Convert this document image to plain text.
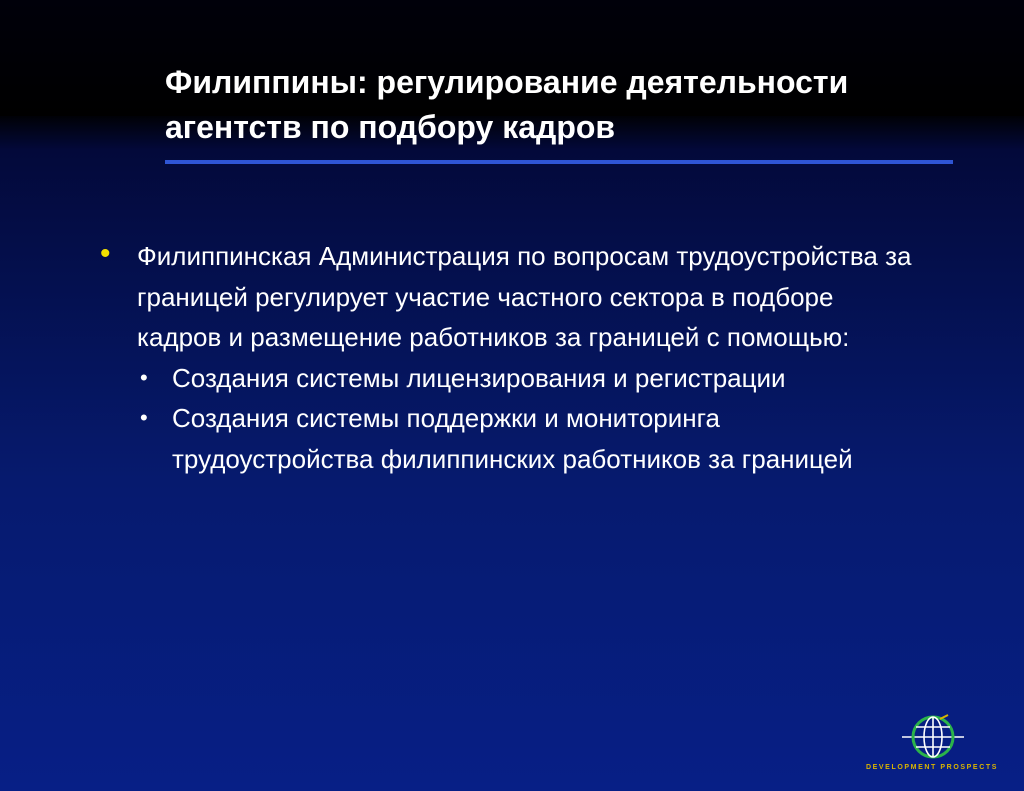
Филиппины: регулирование деятельности агентств по подбору кадров
• Филиппинская Администрация по вопросам трудоустройства за границей регулирует участие частного сектора в подборе кадров и размещение работников за границей с помощью:
• Создания системы лицензирования и регистрации
• Создания системы поддержки и мониторинга трудоустройства филиппинских работников за границей
DEVELOPMENT PROSPECTS
